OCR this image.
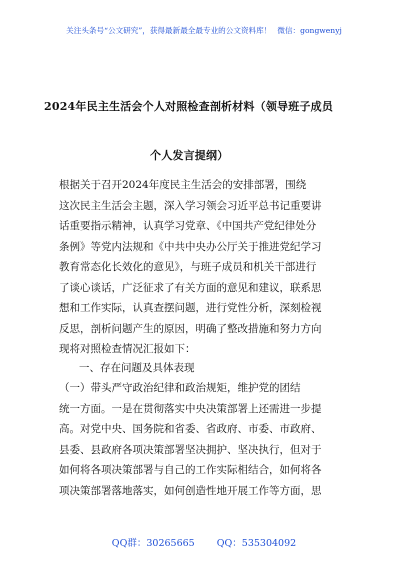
关注头条号“公文研究”，获得最新最全最专业的公文资料库！ 微信：gongwenyj
2024年民主生活会个人对照检查剖析材料（领导班子成员
个人发言提纲）
根据关于召开2024年度民主生活会的安排部署，围绕
这次民主生活会主题，深入学习领会习近平总书记重要讲
话重要指示精神，认真学习党章、《中国共产党纪律处分
条例》等党内法规和《中共中央办公厅关于推进党纪学习
教育常态化长效化的意见》，与班子成员和机关干部进行
了谈心谈话，广泛征求了有关方面的意见和建议，联系思
想和工作实际，认真查摆问题，进行党性分析，深刻检视
反思，剖析问题产生的原因，明确了整改措施和努力方向
现将对照检查情况汇报如下：
一、存在问题及具体表现
（一）带头严守政治纪律和政治规矩，维护党的团结
统一方面。一是在贯彻落实中央决策部署上还需进一步提
高。对党中央、国务院和省委、省政府、市委、市政府、
县委、县政府各项决策部署坚决拥护、坚决执行，但对于
如何将各项决策部署与自己的工作实际相结合，如何将各
项决策部署落地落实，如何创造性地开展工作等方面，思
QQ群：30265665 QQ：535304092
